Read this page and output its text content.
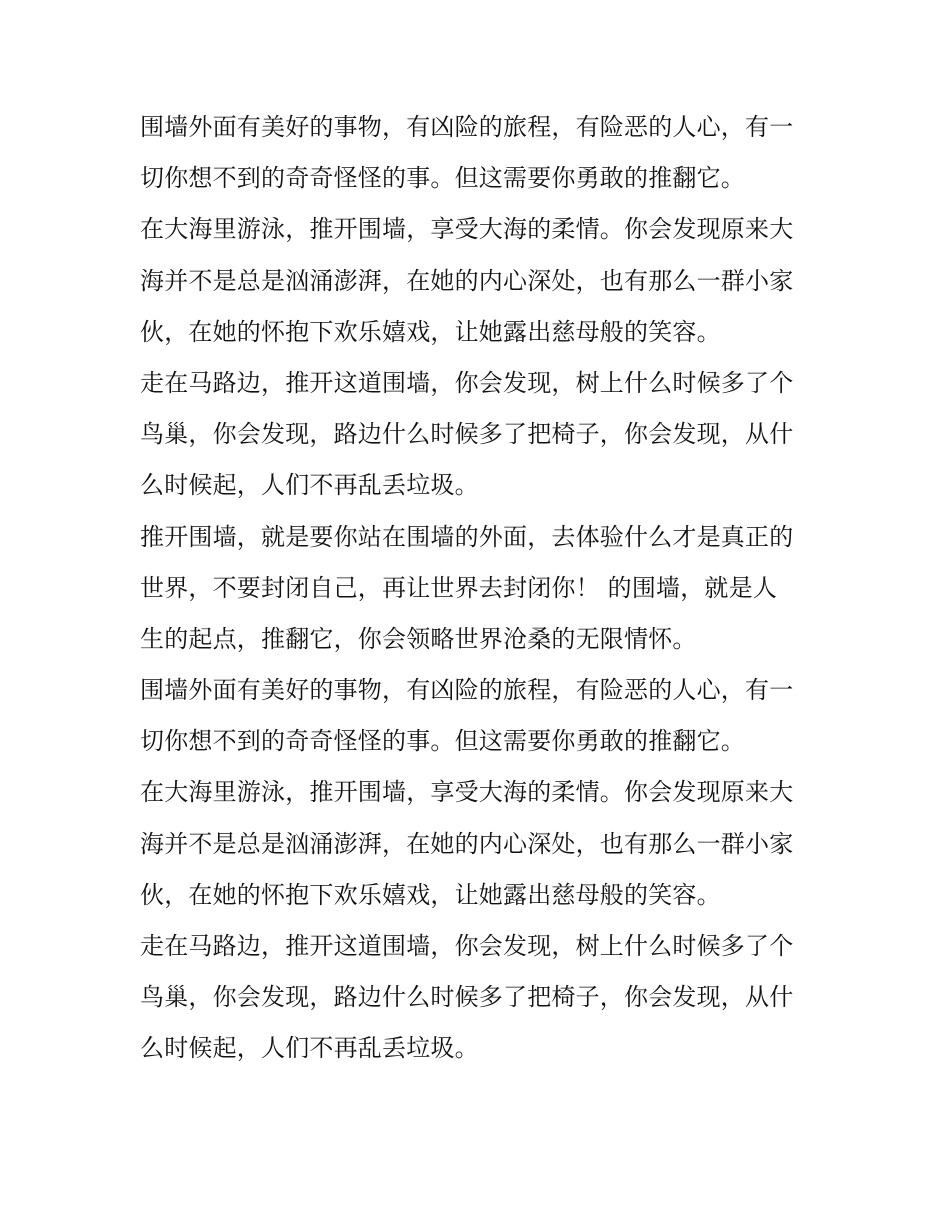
围墙外面有美好的事物，有凶险的旅程，有险恶的人心，有一
切你想不到的奇奇怪怪的事。但这需要你勇敢的推翻它。
在大海里游泳，推开围墙，享受大海的柔情。你会发现原来大
海并不是总是汹涌澎湃，在她的内心深处，也有那么一群小家
伙，在她的怀抱下欢乐嬉戏，让她露出慈母般的笑容。
走在马路边，推开这道围墙，你会发现，树上什么时候多了个
鸟巢，你会发现，路边什么时候多了把椅子，你会发现，从什
么时候起，人们不再乱丢垃圾。
推开围墙，就是要你站在围墙的外面，去体验什么才是真正的
世界，不要封闭自己，再让世界去封闭你！ 的围墙，就是人
生的起点，推翻它，你会领略世界沧桑的无限情怀。
围墙外面有美好的事物，有凶险的旅程，有险恶的人心，有一
切你想不到的奇奇怪怪的事。但这需要你勇敢的推翻它。
在大海里游泳，推开围墙，享受大海的柔情。你会发现原来大
海并不是总是汹涌澎湃，在她的内心深处，也有那么一群小家
伙，在她的怀抱下欢乐嬉戏，让她露出慈母般的笑容。
走在马路边，推开这道围墙，你会发现，树上什么时候多了个
鸟巢，你会发现，路边什么时候多了把椅子，你会发现，从什
么时候起，人们不再乱丢垃圾。
